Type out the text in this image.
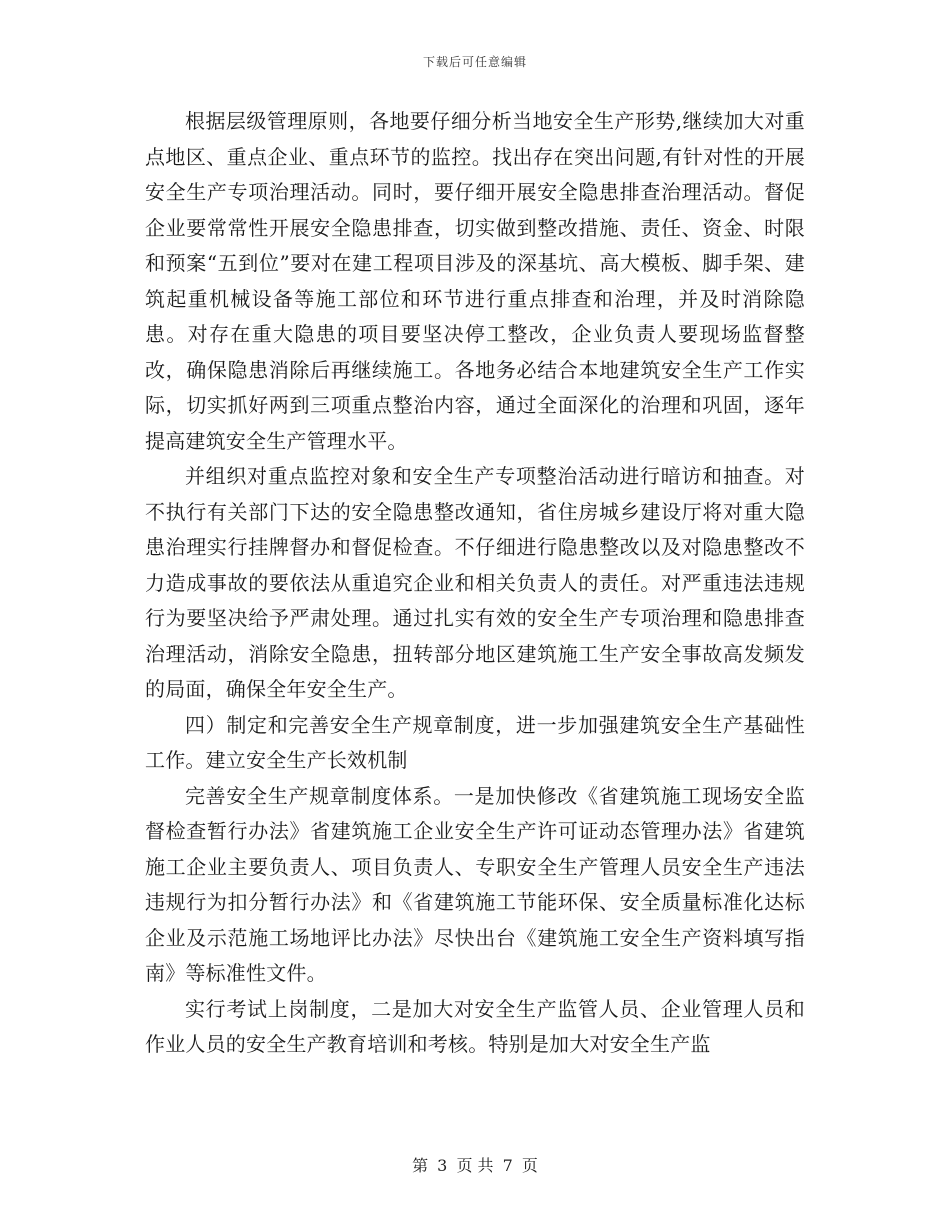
下载后可任意编辑

根据层级管理原则，各地要仔细分析当地安全生产形势,继续加大对重点地区、重点企业、重点环节的监控。找出存在突出问题,有针对性的开展安全生产专项治理活动。同时，要仔细开展安全隐患排查治理活动。督促企业要常常性开展安全隐患排查，切实做到整改措施、责任、资金、时限和预案“五到位”要对在建工程项目涉及的深基坑、高大模板、脚手架、建筑起重机械设备等施工部位和环节进行重点排查和治理，并及时消除隐患。对存在重大隐患的项目要坚决停工整改，企业负责人要现场监督整改，确保隐患消除后再继续施工。各地务必结合本地建筑安全生产工作实际，切实抓好两到三项重点整治内容，通过全面深化的治理和巩固，逐年提高建筑安全生产管理水平。

并组织对重点监控对象和安全生产专项整治活动进行暗访和抽查。对不执行有关部门下达的安全隐患整改通知，省住房城乡建设厅将对重大隐患治理实行挂牌督办和督促检查。不仔细进行隐患整改以及对隐患整改不力造成事故的要依法从重追究企业和相关负责人的责任。对严重违法违规行为要坚决给予严肃处理。通过扎实有效的安全生产专项治理和隐患排查治理活动，消除安全隐患，扭转部分地区建筑施工生产安全事故高发频发的局面，确保全年安全生产。

四）制定和完善安全生产规章制度，进一步加强建筑安全生产基础性工作。建立安全生产长效机制

完善安全生产规章制度体系。一是加快修改《省建筑施工现场安全监督检查暂行办法》省建筑施工企业安全生产许可证动态管理办法》省建筑施工企业主要负责人、项目负责人、专职安全生产管理人员安全生产违法违规行为扣分暂行办法》和《省建筑施工节能环保、安全质量标准化达标企业及示范施工场地评比办法》尽快出台《建筑施工安全生产资料填写指南》等标准性文件。

实行考试上岗制度，二是加大对安全生产监管人员、企业管理人员和作业人员的安全生产教育培训和考核。特别是加大对安全生产监

第 3 页 共 7 页
